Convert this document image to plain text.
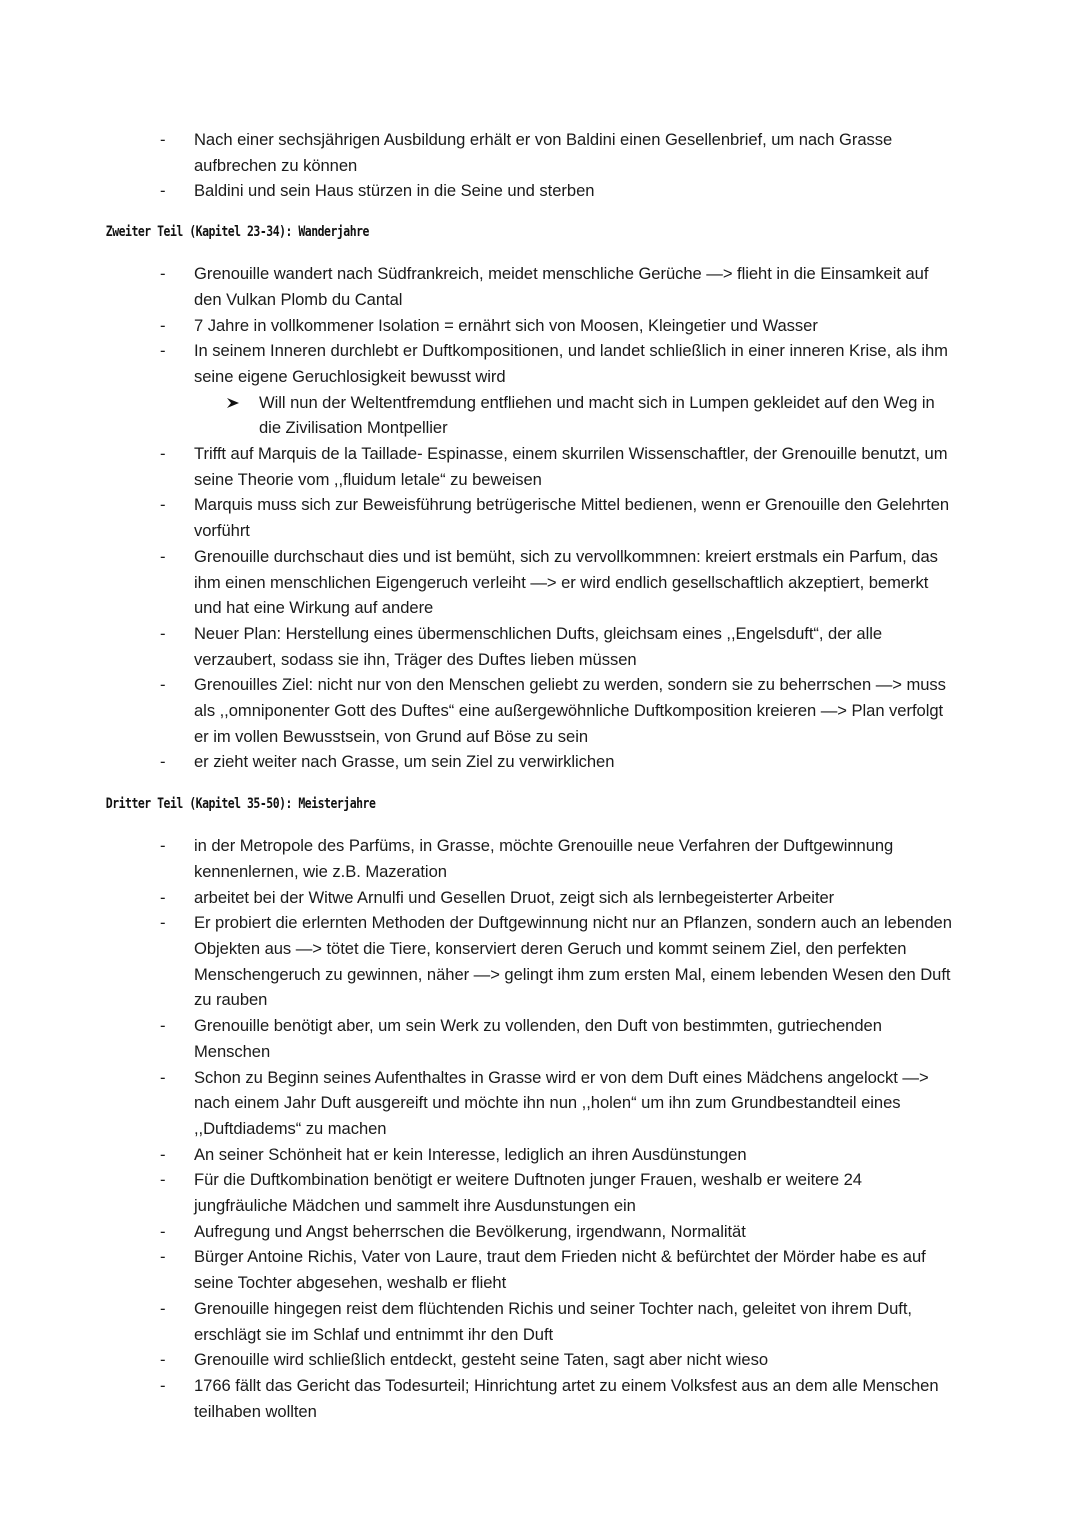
- Nach einer sechsjährigen Ausbildung erhält er von Baldini einen Gesellenbrief, um nach Grasse aufbrechen zu können
- Baldini und sein Haus stürzen in die Seine und sterben
Zweiter Teil (Kapitel 23-34): Wanderjahre
- Grenouille wandert nach Südfrankreich, meidet menschliche Gerüche —> flieht in die Einsamkeit auf den Vulkan Plomb du Cantal
- 7 Jahre in vollkommener Isolation = ernährt sich von Moosen, Kleingetier und Wasser
- In seinem Inneren durchlebt er Duftkompositionen, und landet schließlich in einer inneren Krise, als ihm seine eigene Geruchlosigkeit bewusst wird
Will nun der Weltentfremdung entfliehen und macht sich in Lumpen gekleidet auf den Weg in die Zivilisation Montpellier
- Trifft auf Marquis de la Taillade- Espinasse, einem skurrilen Wissenschaftler, der Grenouille benutzt, um seine Theorie vom ,,fluidum letale“ zu beweisen
- Marquis muss sich zur Beweisführung betrügerische Mittel bedienen, wenn er Grenouille den Gelehrten vorführt
- Grenouille durchschaut dies und ist bemüht, sich zu vervollkommnen: kreiert erstmals ein Parfum, das ihm einen menschlichen Eigengeruch verleiht —> er wird endlich gesellschaftlich akzeptiert, bemerkt und hat eine Wirkung auf andere
- Neuer Plan: Herstellung eines übermenschlichen Dufts, gleichsam eines ,,Engelsduft“, der alle verzaubert, sodass sie ihn, Träger des Duftes lieben müssen
- Grenouilles Ziel: nicht nur von den Menschen geliebt zu werden, sondern sie zu beherrschen —> muss als ,,omniponenter Gott des Duftes“ eine außergewöhnliche Duftkomposition kreieren —> Plan verfolgt er im vollen Bewusstsein, von Grund auf Böse zu sein
- er zieht weiter nach Grasse, um sein Ziel zu verwirklichen
Dritter Teil (Kapitel 35-50): Meisterjahre
- in der Metropole des Parfüms, in Grasse, möchte Grenouille neue Verfahren der Duftgewinnung kennenlernen, wie z.B. Mazeration
- arbeitet bei der Witwe Arnulfi und Gesellen Druot, zeigt sich als lernbegeisterter Arbeiter
- Er probiert die erlernten Methoden der Duftgewinnung nicht nur an Pflanzen, sondern auch an lebenden Objekten aus —> tötet die Tiere, konserviert deren Geruch und kommt seinem Ziel, den perfekten Menschengeruch zu gewinnen, näher —> gelingt ihm zum ersten Mal, einem lebenden Wesen den Duft zu rauben
- Grenouille benötigt aber, um sein Werk zu vollenden, den Duft von bestimmten, gutriechenden Menschen
- Schon zu Beginn seines Aufenthaltes in Grasse wird er von dem Duft eines Mädchens angelockt —> nach einem Jahr Duft ausgereift und möchte ihn nun ,,holen“ um ihn zum Grundbestandteil eines ,,Duftdiadems“ zu machen
- An seiner Schönheit hat er kein Interesse, lediglich an ihren Ausdünstungen
- Für die Duftkombination benötigt er weitere Duftnoten junger Frauen, weshalb er weitere 24 jungfräuliche Mädchen und sammelt ihre Ausdunstungen ein
- Aufregung und Angst beherrschen die Bevölkerung, irgendwann, Normalität
- Bürger Antoine Richis, Vater von Laure, traut dem Frieden nicht & befürchtet der Mörder habe es auf seine Tochter abgesehen, weshalb er flieht
- Grenouille hingegen reist dem flüchtenden Richis und seiner Tochter nach, geleitet von ihrem Duft, erschlägt sie im Schlaf und entnimmt ihr den Duft
- Grenouille wird schließlich entdeckt, gesteht seine Taten, sagt aber nicht wieso
- 1766 fällt das Gericht das Todesurteil; Hinrichtung artet zu einem Volksfest aus an dem alle Menschen teilhaben wollten
